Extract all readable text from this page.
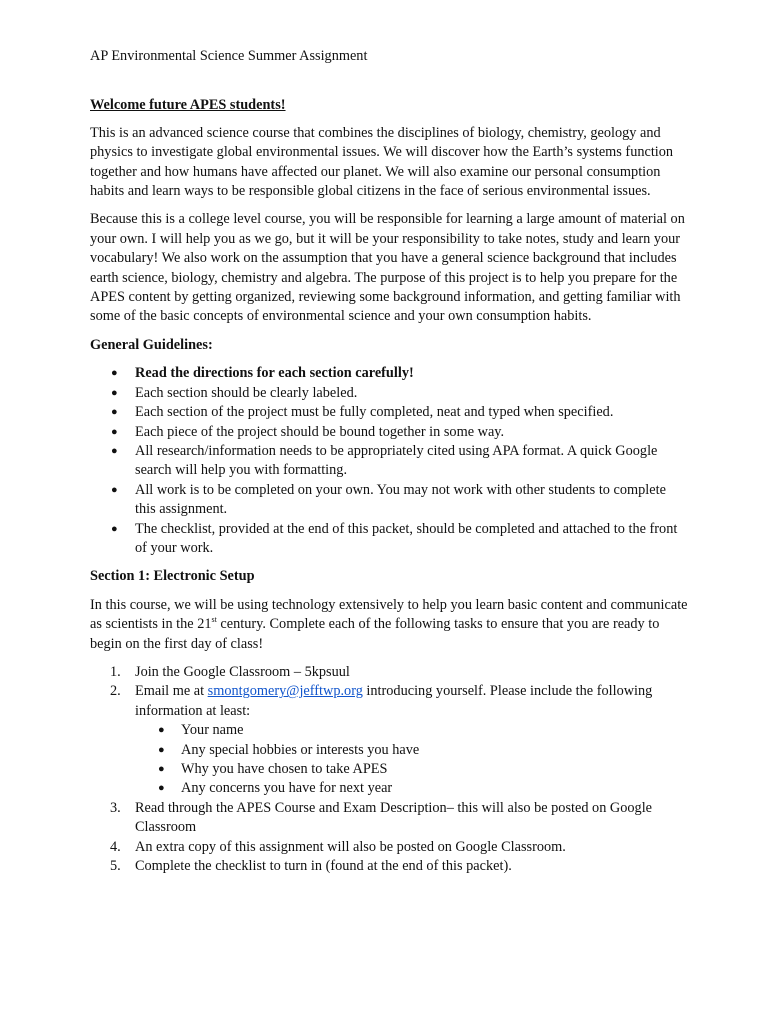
AP Environmental Science Summer Assignment
Welcome future APES students!

This is an advanced science course that combines the disciplines of biology, chemistry, geology and physics to investigate global environmental issues. We will discover how the Earth’s systems function together and how humans have affected our planet. We will also examine our personal consumption habits and learn ways to be responsible global citizens in the face of serious environmental issues.

Because this is a college level course, you will be responsible for learning a large amount of material on your own. I will help you as we go, but it will be your responsibility to take notes, study and learn your vocabulary! We also work on the assumption that you have a general science background that includes earth science, biology, chemistry and algebra. The purpose of this project is to help you prepare for the APES content by getting organized, reviewing some background information, and getting familiar with some of the basic concepts of environmental science and your own consumption habits.

General Guidelines:
● Read the directions for each section carefully!
● Each section should be clearly labeled.
● Each section of the project must be fully completed, neat and typed when specified.
● Each piece of the project should be bound together in some way.
● All research/information needs to be appropriately cited using APA format. A quick Google search will help you with formatting.
● All work is to be completed on your own. You may not work with other students to complete this assignment.
● The checklist, provided at the end of this packet, should be completed and attached to the front of your work.
Section 1: Electronic Setup

In this course, we will be using technology extensively to help you learn basic content and communicate as scientists in the 21st century. Complete each of the following tasks to ensure that you are ready to begin on the first day of class!

1. Join the Google Classroom – 5kpsuul
2. Email me at smontgomery@jefftwp.org introducing yourself. Please include the following information at least:
● Your name
● Any special hobbies or interests you have
● Why you have chosen to take APES
● Any concerns you have for next year
3. Read through the APES Course and Exam Description– this will also be posted on Google Classroom
4. An extra copy of this assignment will also be posted on Google Classroom.
5. Complete the checklist to turn in (found at the end of this packet).
